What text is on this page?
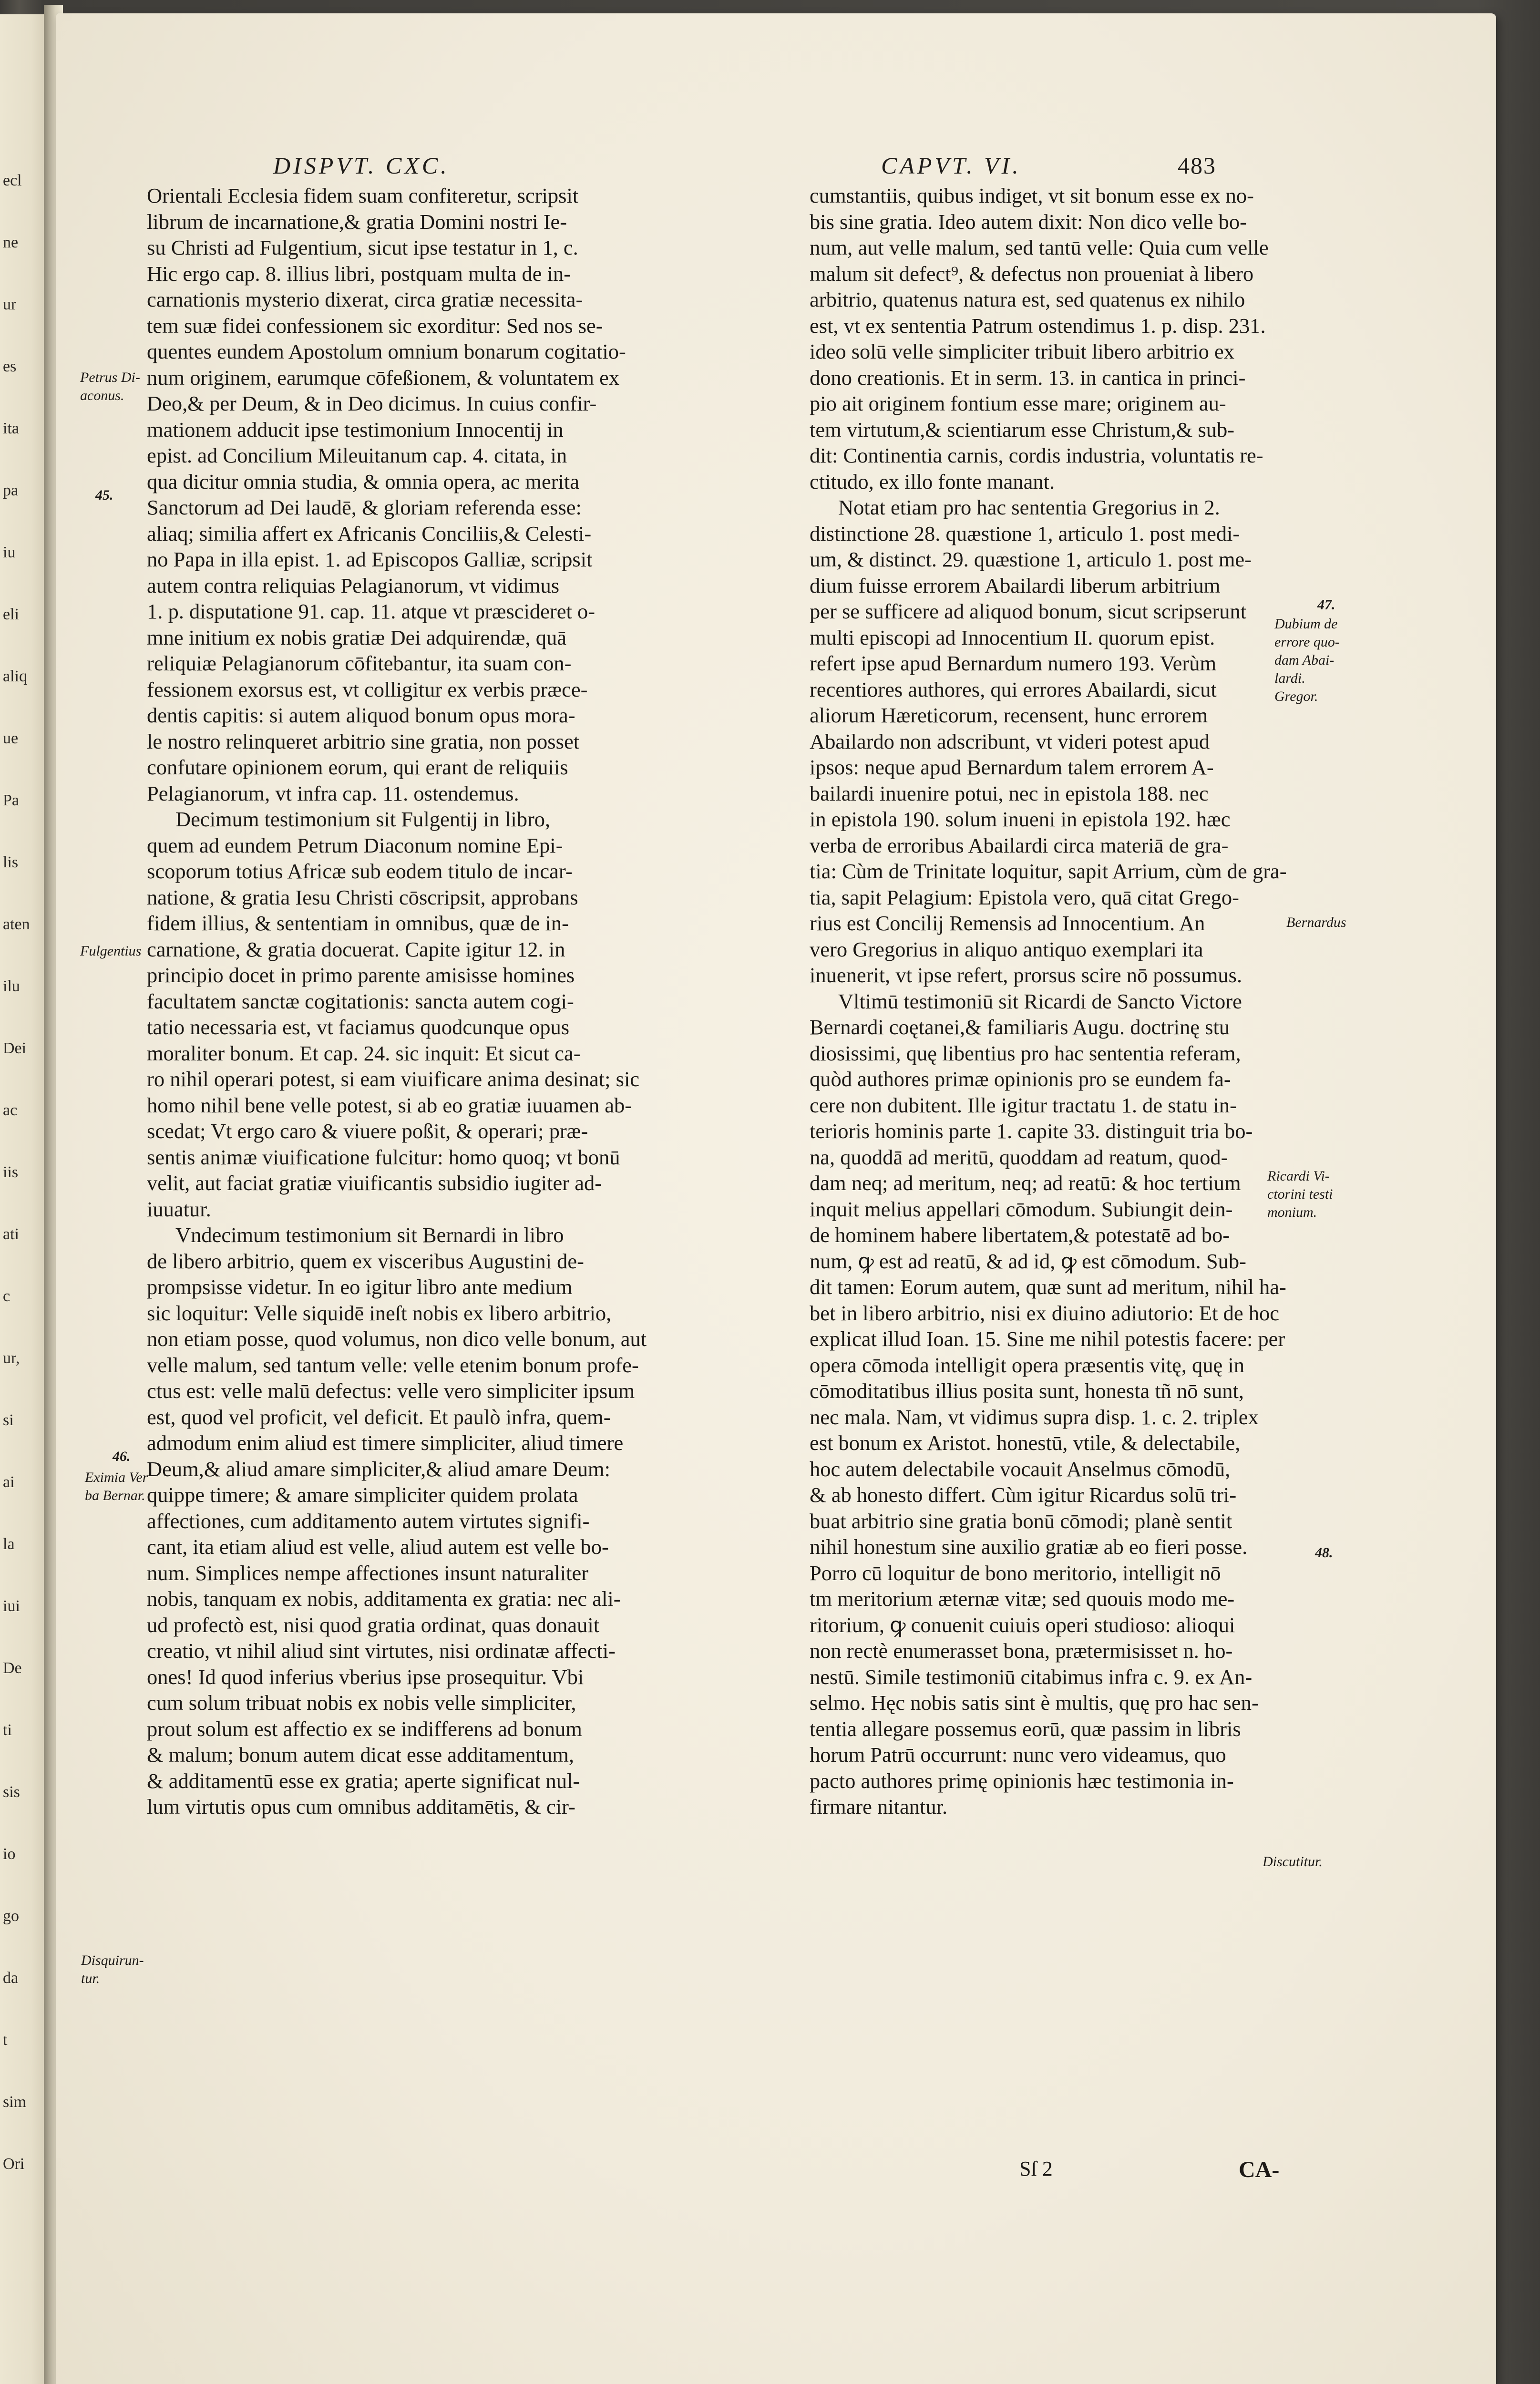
ecl
ne
ur
es
ita
pa
iu
eli
aliq
ue
Pa
lis
aten
ilu
Dei
ac
iis
ati
c
ur,
si
ai
la
iui
De
ti
sis
io
go
da
t
sim
Ori
DISPVT. CXC.	CAPVT. VI.	483
Orientali Ecclesia fidem suam confiteretur, scripsit
librum de incarnatione,& gratia Domini nostri Ie-
su Christi ad Fulgentium, sicut ipse testatur in 1, c.
Hic ergo cap. 8. illius libri, postquam multa de in-
carnationis mysterio dixerat, circa gratiæ necessita-
tem suæ fidei confessionem sic exorditur: Sed nos se-
quentes eundem Apostolum omnium bonarum cogitatio-
num originem, earumque cōfeßionem, & voluntatem ex
Deo,& per Deum, & in Deo dicimus. In cuius confir-
mationem adducit ipse testimonium Innocentij in
epist. ad Concilium Mileuitanum cap. 4. citata, in
qua dicitur omnia studia, & omnia opera, ac merita
Sanctorum ad Dei laudē, & gloriam referenda esse:
aliaq; similia affert ex Africanis Conciliis,& Celesti-
no Papa in illa epist. 1. ad Episcopos Galliæ, scripsit
autem contra reliquias Pelagianorum, vt vidimus
1. p. disputatione 91. cap. 11. atque vt præscideret o-
mne initium ex nobis gratiæ Dei adquirendæ, quā
reliquiæ Pelagianorum cōfitebantur, ita suam con-
fessionem exorsus est, vt colligitur ex verbis præce-
dentis capitis: si autem aliquod bonum opus mora-
le nostro relinqueret arbitrio sine gratia, non posset
confutare opinionem eorum, qui erant de reliquiis
Pelagianorum, vt infra cap. 11. ostendemus.
Decimum testimonium sit Fulgentij in libro,
quem ad eundem Petrum Diaconum nomine Epi-
scoporum totius Africæ sub eodem titulo de incar-
natione, & gratia Iesu Christi cōscripsit, approbans
fidem illius, & sententiam in omnibus, quæ de in-
carnatione, & gratia docuerat. Capite igitur 12. in
principio docet in primo parente amisisse homines
facultatem sanctæ cogitationis: sancta autem cogi-
tatio necessaria est, vt faciamus quodcunque opus
moraliter bonum. Et cap. 24. sic inquit: Et sicut ca-
ro nihil operari potest, si eam viuificare anima desinat; sic
homo nihil bene velle potest, si ab eo gratiæ iuuamen ab-
scedat; Vt ergo caro & viuere poßit, & operari; præ-
sentis animæ viuificatione fulcitur: homo quoq; vt bonū
velit, aut faciat gratiæ viuificantis subsidio iugiter ad-
iuuatur.
Vndecimum testimonium sit Bernardi in libro
de libero arbitrio, quem ex visceribus Augustini de-
prompsisse videtur. In eo igitur libro ante medium
sic loquitur: Velle siquidē ineſt nobis ex libero arbitrio,
non etiam posse, quod volumus, non dico velle bonum, aut
velle malum, sed tantum velle: velle etenim bonum profe-
ctus est: velle malū defectus: velle vero simpliciter ipsum
est, quod vel proficit, vel deficit. Et paulò infra, quem-
admodum enim aliud est timere simpliciter, aliud timere
Deum,& aliud amare simpliciter,& aliud amare Deum:
quippe timere; & amare simpliciter quidem prolata
affectiones, cum additamento autem virtutes signifi-
cant, ita etiam aliud est velle, aliud autem est velle bo-
num. Simplices nempe affectiones insunt naturaliter
nobis, tanquam ex nobis, additamenta ex gratia: nec ali-
ud profectò est, nisi quod gratia ordinat, quas donauit
creatio, vt nihil aliud sint virtutes, nisi ordinatæ affecti-
ones! Id quod inferius vberius ipse prosequitur. Vbi
cum solum tribuat nobis ex nobis velle simpliciter,
prout solum est affectio ex se indifferens ad bonum
& malum; bonum autem dicat esse additamentum,
& additamentū esse ex gratia; aperte significat nul-
lum virtutis opus cum omnibus additamētis, & cir-
cumstantiis, quibus indiget, vt sit bonum esse ex no-
bis sine gratia. Ideo autem dixit: Non dico velle bo-
num, aut velle malum, sed tantū velle: Quia cum velle
malum sit defect⁹, & defectus non proueniat à libero
arbitrio, quatenus natura est, sed quatenus ex nihilo
est, vt ex sententia Patrum ostendimus 1. p. disp. 231.
ideo solū velle simpliciter tribuit libero arbitrio ex
dono creationis. Et in serm. 13. in cantica in princi-
pio ait originem fontium esse mare; originem au-
tem virtutum,& scientiarum esse Christum,& sub-
dit: Continentia carnis, cordis industria, voluntatis re-
ctitudo, ex illo fonte manant.
Notat etiam pro hac sententia Gregorius in 2.
distinctione 28. quæstione 1, articulo 1. post medi-
um, & distinct. 29. quæstione 1, articulo 1. post me-
dium fuisse errorem Abailardi liberum arbitrium
per se sufficere ad aliquod bonum, sicut scripserunt
multi episcopi ad Innocentium II. quorum epist.
refert ipse apud Bernardum numero 193. Verùm
recentiores authores, qui errores Abailardi, sicut
aliorum Hæreticorum, recensent, hunc errorem
Abailardo non adscribunt, vt videri potest apud
ipsos: neque apud Bernardum talem errorem A-
bailardi inuenire potui, nec in epistola 188. nec
in epistola 190. solum inueni in epistola 192. hæc
verba de erroribus Abailardi circa materiā de gra-
tia: Cùm de Trinitate loquitur, sapit Arrium, cùm de gra-
tia, sapit Pelagium: Epistola vero, quā citat Grego-
rius est Concilij Remensis ad Innocentium. An
vero Gregorius in aliquo antiquo exemplari ita
inuenerit, vt ipse refert, prorsus scire nō possumus.
Vltimū testimoniū sit Ricardi de Sancto Victore
Bernardi coętanei,& familiaris Augu. doctrinę stu
diosissimi, quę libentius pro hac sententia referam,
quòd authores primæ opinionis pro se eundem fa-
cere non dubitent. Ille igitur tractatu 1. de statu in-
terioris hominis parte 1. capite 33. distinguit tria bo-
na, quoddā ad meritū, quoddam ad reatum, quod-
dam neq; ad meritum, neq; ad reatū: & hoc tertium
inquit melius appellari cōmodum. Subiungit dein-
de hominem habere libertatem,& potestatē ad bo-
num, ꝙ est ad reatū, & ad id, ꝙ est cōmodum. Sub-
dit tamen: Eorum autem, quæ sunt ad meritum, nihil ha-
bet in libero arbitrio, nisi ex diuino adiutorio: Et de hoc
explicat illud Ioan. 15. Sine me nihil potestis facere: per
opera cōmoda intelligit opera præsentis vitę, quę in
cōmoditatibus illius posita sunt, honesta tñ nō sunt,
nec mala. Nam, vt vidimus supra disp. 1. c. 2. triplex
est bonum ex Aristot. honestū, vtile, & delectabile,
hoc autem delectabile vocauit Anselmus cōmodū,
& ab honesto differt. Cùm igitur Ricardus solū tri-
buat arbitrio sine gratia bonū cōmodi; planè sentit
nihil honestum sine auxilio gratiæ ab eo fieri posse.
Porro cū loquitur de bono meritorio, intelligit nō
tm meritorium æternæ vitæ; sed quouis modo me-
ritorium, ꝙ conuenit cuiuis operi studioso: alioqui
non rectè enumerasset bona, prætermisisset n. ho-
nestū. Simile testimoniū citabimus infra c. 9. ex An-
selmo. Hęc nobis satis sint è multis, quę pro hac sen-
tentia allegare possemus eorū, quæ passim in libris
horum Patrū occurrunt: nunc vero videamus, quo
pacto authores primę opinionis hæc testimonia in-
firmare nitantur.
Petrus Di-
aconus.
45.
Fulgentius
46.
Eximia Ver
ba Bernar.
Disquirun-
tur.
47.
Dubium de
errore quo-
dam Abai-
lardi.
Gregor.
Bernardus
Ricardi Vi-
ctorini testi
monium.
48.
Discutitur.
Sſ 2	CA-
